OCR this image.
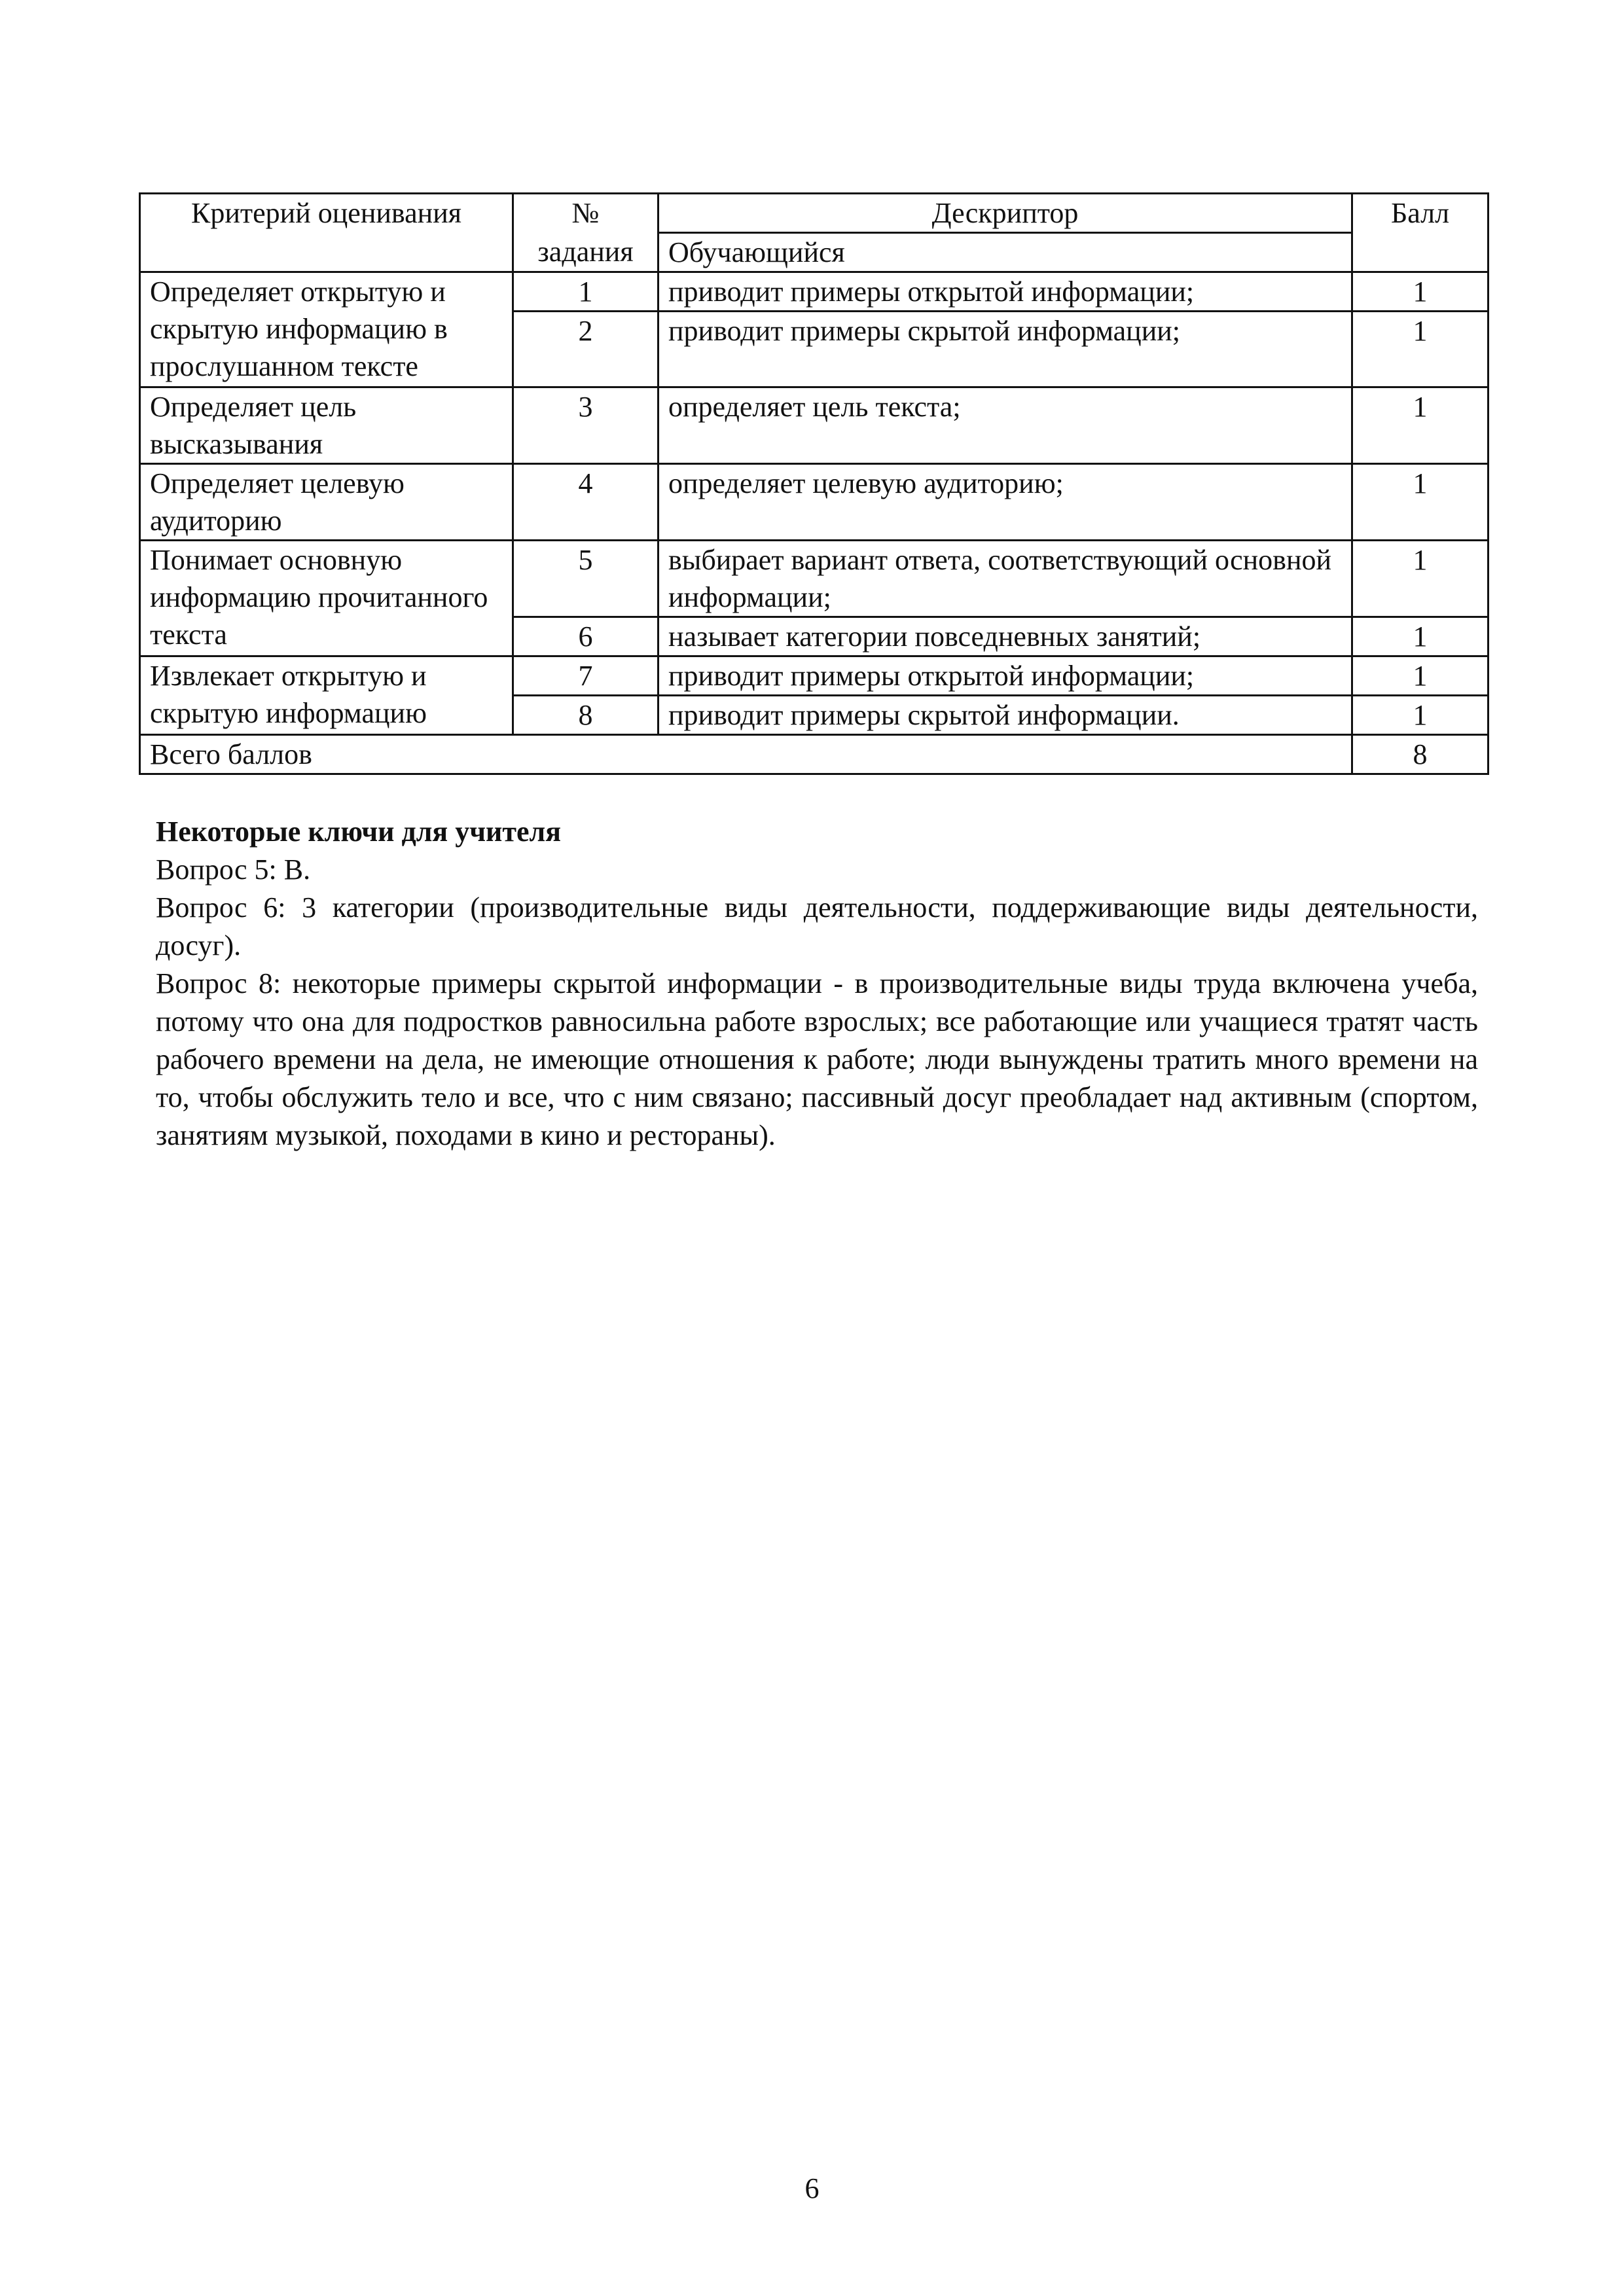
Критерий оценивания	№	Дескриптор	Балл
	задания	Обучающийся	
Определяет открытую и скрытую информацию в прослушанном тексте	1	приводит примеры открытой информации;	1
	2	приводит примеры скрытой информации;	1
Определяет цель высказывания	3	определяет цель текста;	1
Определяет целевую аудиторию	4	определяет целевую аудиторию;	1
Понимает основную информацию прочитанного текста	5	выбирает вариант ответа, соответствующий основной информации;	1
	6	называет категории повседневных занятий;	1
Извлекает открытую и скрытую информацию	7	приводит примеры открытой информации;	1
	8	приводит примеры скрытой информации.	1
Всего баллов			8

Некоторые ключи для учителя

Вопрос 5: В.

Вопрос 6: 3 категории (производительные виды деятельности, поддерживающие виды деятельности, досуг).

Вопрос 8: некоторые примеры скрытой информации - в производительные виды труда включена учеба, потому что она для подростков равносильна работе взрослых; все работающие или учащиеся тратят часть рабочего времени на дела, не имеющие отношения к работе; люди вынуждены тратить много времени на то, чтобы обслужить тело и все, что с ним связано; пассивный досуг преобладает над активным (спортом, занятиям музыкой, походами в кино и рестораны).

6
